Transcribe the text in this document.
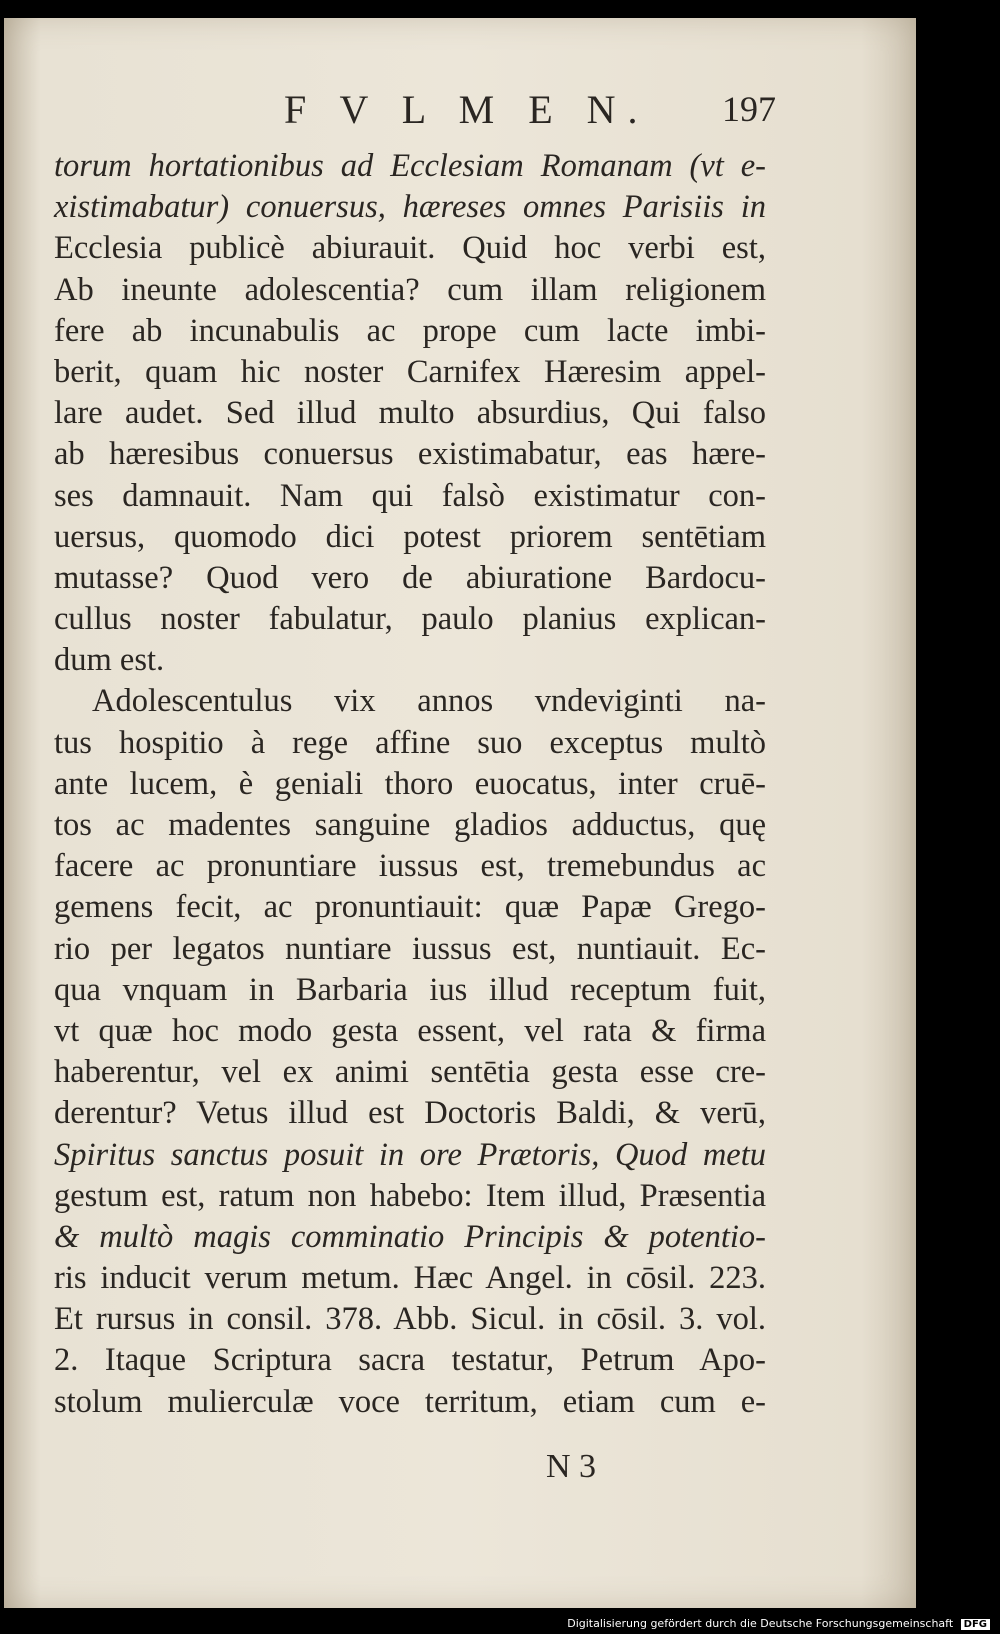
F V L M E N. 197
torum hortationibus ad Ecclesiam Romanam (vt e-
xistimabatur) conuersus, hæreses omnes Parisiis in
Ecclesia publicè abiurauit. Quid hoc verbi est,
Ab ineunte adolescentia? cum illam religionem
fere ab incunabulis ac prope cum lacte imbi-
berit, quam hic noster Carnifex Hæresim appel-
lare audet. Sed illud multo absurdius, Qui falso
ab hæresibus conuersus existimabatur, eas hære-
ses damnauit. Nam qui falsò existimatur con-
uersus, quomodo dici potest priorem sentētiam
mutasse? Quod vero de abiuratione Bardocu-
cullus noster fabulatur, paulo planius explican-
dum est.
Adolescentulus vix annos vndeviginti na-
tus hospitio à rege affine suo exceptus multò
ante lucem, è geniali thoro euocatus, inter cruē-
tos ac madentes sanguine gladios adductus, quę
facere ac pronuntiare iussus est, tremebundus ac
gemens fecit, ac pronuntiauit: quæ Papæ Grego-
rio per legatos nuntiare iussus est, nuntiauit. Ec-
qua vnquam in Barbaria ius illud receptum fuit,
vt quæ hoc modo gesta essent, vel rata & firma
haberentur, vel ex animi sentētia gesta esse cre-
derentur? Vetus illud est Doctoris Baldi, & verū,
Spiritus sanctus posuit in ore Prætoris, Quod metu
gestum est, ratum non habebo: Item illud, Præsentia
& multò magis comminatio Principis & potentio-
ris inducit verum metum. Hæc Angel. in cōsil. 223.
Et rursus in consil. 378. Abb. Sicul. in cōsil. 3. vol.
2. Itaque Scriptura sacra testatur, Petrum Apo-
stolum mulierculæ voce territum, etiam cum e-
N 3
Digitalisierung gefördert durch die Deutsche Forschungsgemeinschaft DFG
